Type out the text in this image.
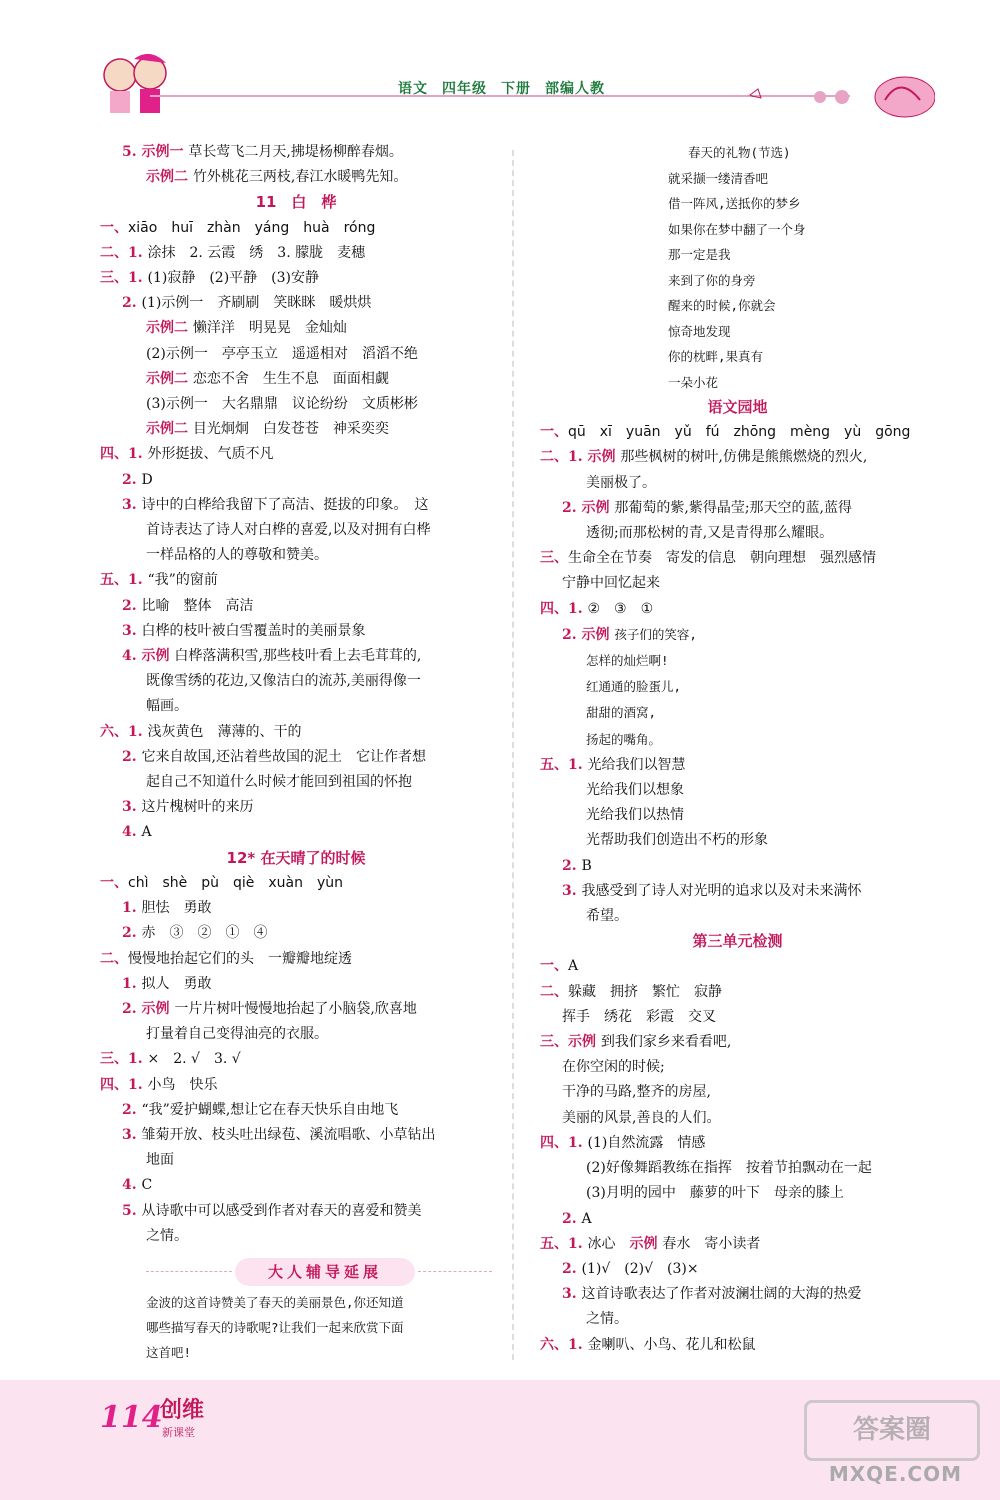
语文 四年级 下册 部编人教
5. 示例一 草长莺飞二月天,拂堤杨柳醉春烟。
示例二 竹外桃花三两枝,春江水暖鸭先知。
11　白　桦
一、xiāo　huī　zhàn　yáng　huà　róng
二、1. 涂抹　2. 云霞　绣　3. 朦胧　麦穗
三、1. (1)寂静　(2)平静　(3)安静
2. (1)示例一　齐刷刷　笑眯眯　暖烘烘
示例二 懒洋洋　明晃晃　金灿灿
(2)示例一　亭亭玉立　遥遥相对　滔滔不绝
示例二 恋恋不舍　生生不息　面面相觑
(3)示例一　大名鼎鼎　议论纷纷　文质彬彬
示例二 目光炯炯　白发苍苍　神采奕奕
四、1. 外形挺拔、气质不凡
2. D
3. 诗中的白桦给我留下了高洁、挺拔的印象。　这
首诗表达了诗人对白桦的喜爱,以及对拥有白桦
一样品格的人的尊敬和赞美。
五、1. “我”的窗前
2. 比喻　整体　高洁
3. 白桦的枝叶被白雪覆盖时的美丽景象
4. 示例 白桦落满积雪,那些枝叶看上去毛茸茸的,
既像雪绣的花边,又像洁白的流苏,美丽得像一
幅画。
六、1. 浅灰黄色　薄薄的、干的
2. 它来自故国,还沾着些故国的泥土　它让作者想
起自己不知道什么时候才能回到祖国的怀抱
3. 这片槐树叶的来历
4. A
12* 在天晴了的时候
一、chì　shè　pù　qiè　xuàn　yùn
1. 胆怯　勇敢
2. 赤　③　②　①　④
二、慢慢地抬起它们的头　一瓣瓣地绽透
1. 拟人　勇敢
2. 示例 一片片树叶慢慢地抬起了小脑袋,欣喜地
打量着自己变得油亮的衣服。
三、1. ×　2. √　3. √
四、1. 小鸟　快乐
2. “我”爱护蝴蝶,想让它在春天快乐自由地飞
3. 雏菊开放、枝头吐出绿苞、溪流唱歌、小草钻出
地面
4. C
5. 从诗歌中可以感受到作者对春天的喜爱和赞美
之情。
春天的礼物(节选)
就采撷一缕清香吧
借一阵风,送抵你的梦乡
如果你在梦中翻了一个身
那一定是我
来到了你的身旁
醒来的时候,你就会
惊奇地发现
你的枕畔,果真有
一朵小花
语文园地
一、qū　xī　yuān　yǔ　fú　zhōng　mèng　yù　gōng
二、1. 示例 那些枫树的树叶,仿佛是熊熊燃烧的烈火,
美丽极了。
2. 示例 那葡萄的紫,紫得晶莹;那天空的蓝,蓝得
透彻;而那松树的青,又是青得那么耀眼。
三、生命全在节奏　寄发的信息　朝向理想　强烈感情
宁静中回忆起来
四、1. ②　③　①
2. 示例 孩子们的笑容,
怎样的灿烂啊!
红通通的脸蛋儿,
甜甜的酒窝,
扬起的嘴角。
五、1. 光给我们以智慧
光给我们以想象
光给我们以热情
光帮助我们创造出不朽的形象
2. B
3. 我感受到了诗人对光明的追求以及对未来满怀
希望。
第三单元检测
一、A
二、躲藏　拥挤　繁忙　寂静
挥手　绣花　彩霞　交叉
三、示例 到我们家乡来看看吧,
在你空闲的时候;
干净的马路,整齐的房屋,
美丽的风景,善良的人们。
四、1. (1)自然流露　情感
(2)好像舞蹈教练在指挥　按着节拍飘动在一起
(3)月明的园中　藤萝的叶下　母亲的膝上
2. A
五、1. 冰心　示例 春水　寄小读者
2. (1)√　(2)√　(3)×
3. 这首诗歌表达了作者对波澜壮阔的大海的热爱
之情。
六、1. 金喇叭、小鸟、花儿和松鼠
大人辅导延展
金波的这首诗赞美了春天的美丽景色,你还知道
哪些描写春天的诗歌呢?让我们一起来欣赏下面
这首吧!
114
创维
新课堂	答案圈
MXQE.COM
